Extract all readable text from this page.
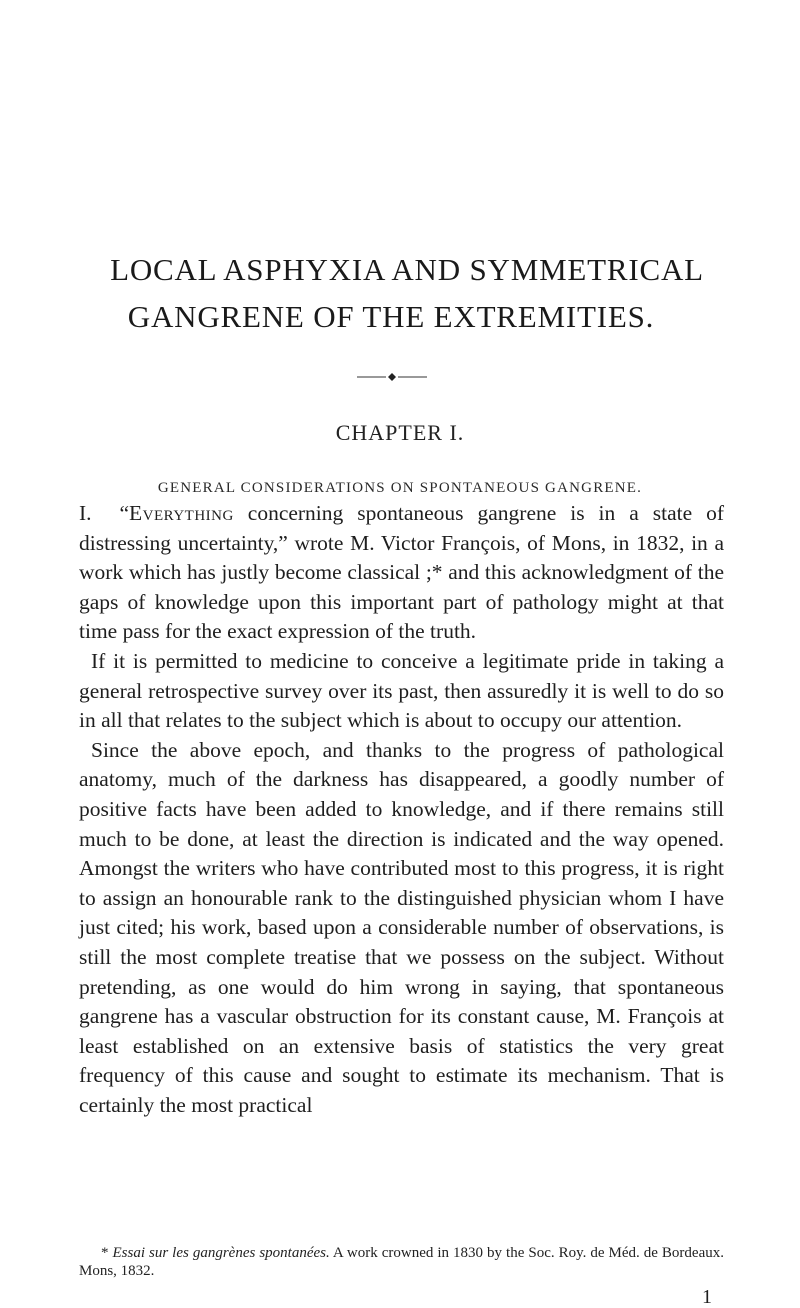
LOCAL ASPHYXIA AND SYMMETRICAL
GANGRENE OF THE EXTREMITIES.
CHAPTER I.
GENERAL CONSIDERATIONS ON SPONTANEOUS GANGRENE.

I. “Everything concerning spontaneous gangrene is in a state of distressing uncertainty,” wrote M. Victor François, of Mons, in 1832, in a work which has justly become classical ;* and this acknowledgment of the gaps of knowledge upon this important part of pathology might at that time pass for the exact expression of the truth.

If it is permitted to medicine to conceive a legitimate pride in taking a general retrospective survey over its past, then assuredly it is well to do so in all that relates to the subject which is about to occupy our attention.

Since the above epoch, and thanks to the progress of pathological anatomy, much of the darkness has disappeared, a goodly number of positive facts have been added to knowledge, and if there remains still much to be done, at least the direction is indicated and the way opened. Amongst the writers who have contributed most to this progress, it is right to assign an honourable rank to the distinguished physician whom I have just cited; his work, based upon a considerable number of observations, is still the most complete treatise that we possess on the subject. Without pretending, as one would do him wrong in saying, that spontaneous gangrene has a vascular obstruction for its constant cause, M. François at least established on an extensive basis of statistics the very great frequency of this cause and sought to estimate its mechanism. That is certainly the most practical

* Essai sur les gangrènes spontanées. A work crowned in 1830 by the Soc. Roy. de Méd. de Bordeaux. Mons, 1832.
1
